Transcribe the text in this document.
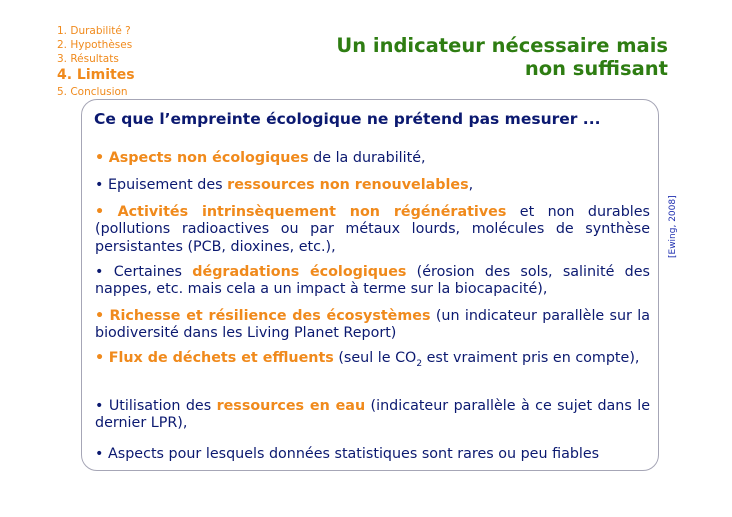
1. Durabilité ?
2. Hypothèses
3. Résultats
4. Limites
5. Conclusion
Un indicateur nécessaire mais
non suffisant
[Ewing, 2008]
Ce que l’empreinte écologique ne prétend pas mesurer ...
• Aspects non écologiques de la durabilité,
• Epuisement des ressources non renouvelables,
• Activités intrinsèquement non régénératives et non durables (pollutions radioactives ou par métaux lourds, molécules de synthèse persistantes (PCB, dioxines, etc.),
• Certaines dégradations écologiques (érosion des sols, salinité des nappes, etc. mais cela a un impact à terme sur la biocapacité),
• Richesse et résilience des écosystèmes (un indicateur parallèle sur la biodiversité dans les Living Planet Report)
• Flux de déchets et effluents (seul le $CO_2$ est vraiment pris en compte),
• Utilisation des ressources en eau (indicateur parallèle à ce sujet dans le dernier LPR),
• Aspects pour lesquels données statistiques sont rares ou peu fiables
